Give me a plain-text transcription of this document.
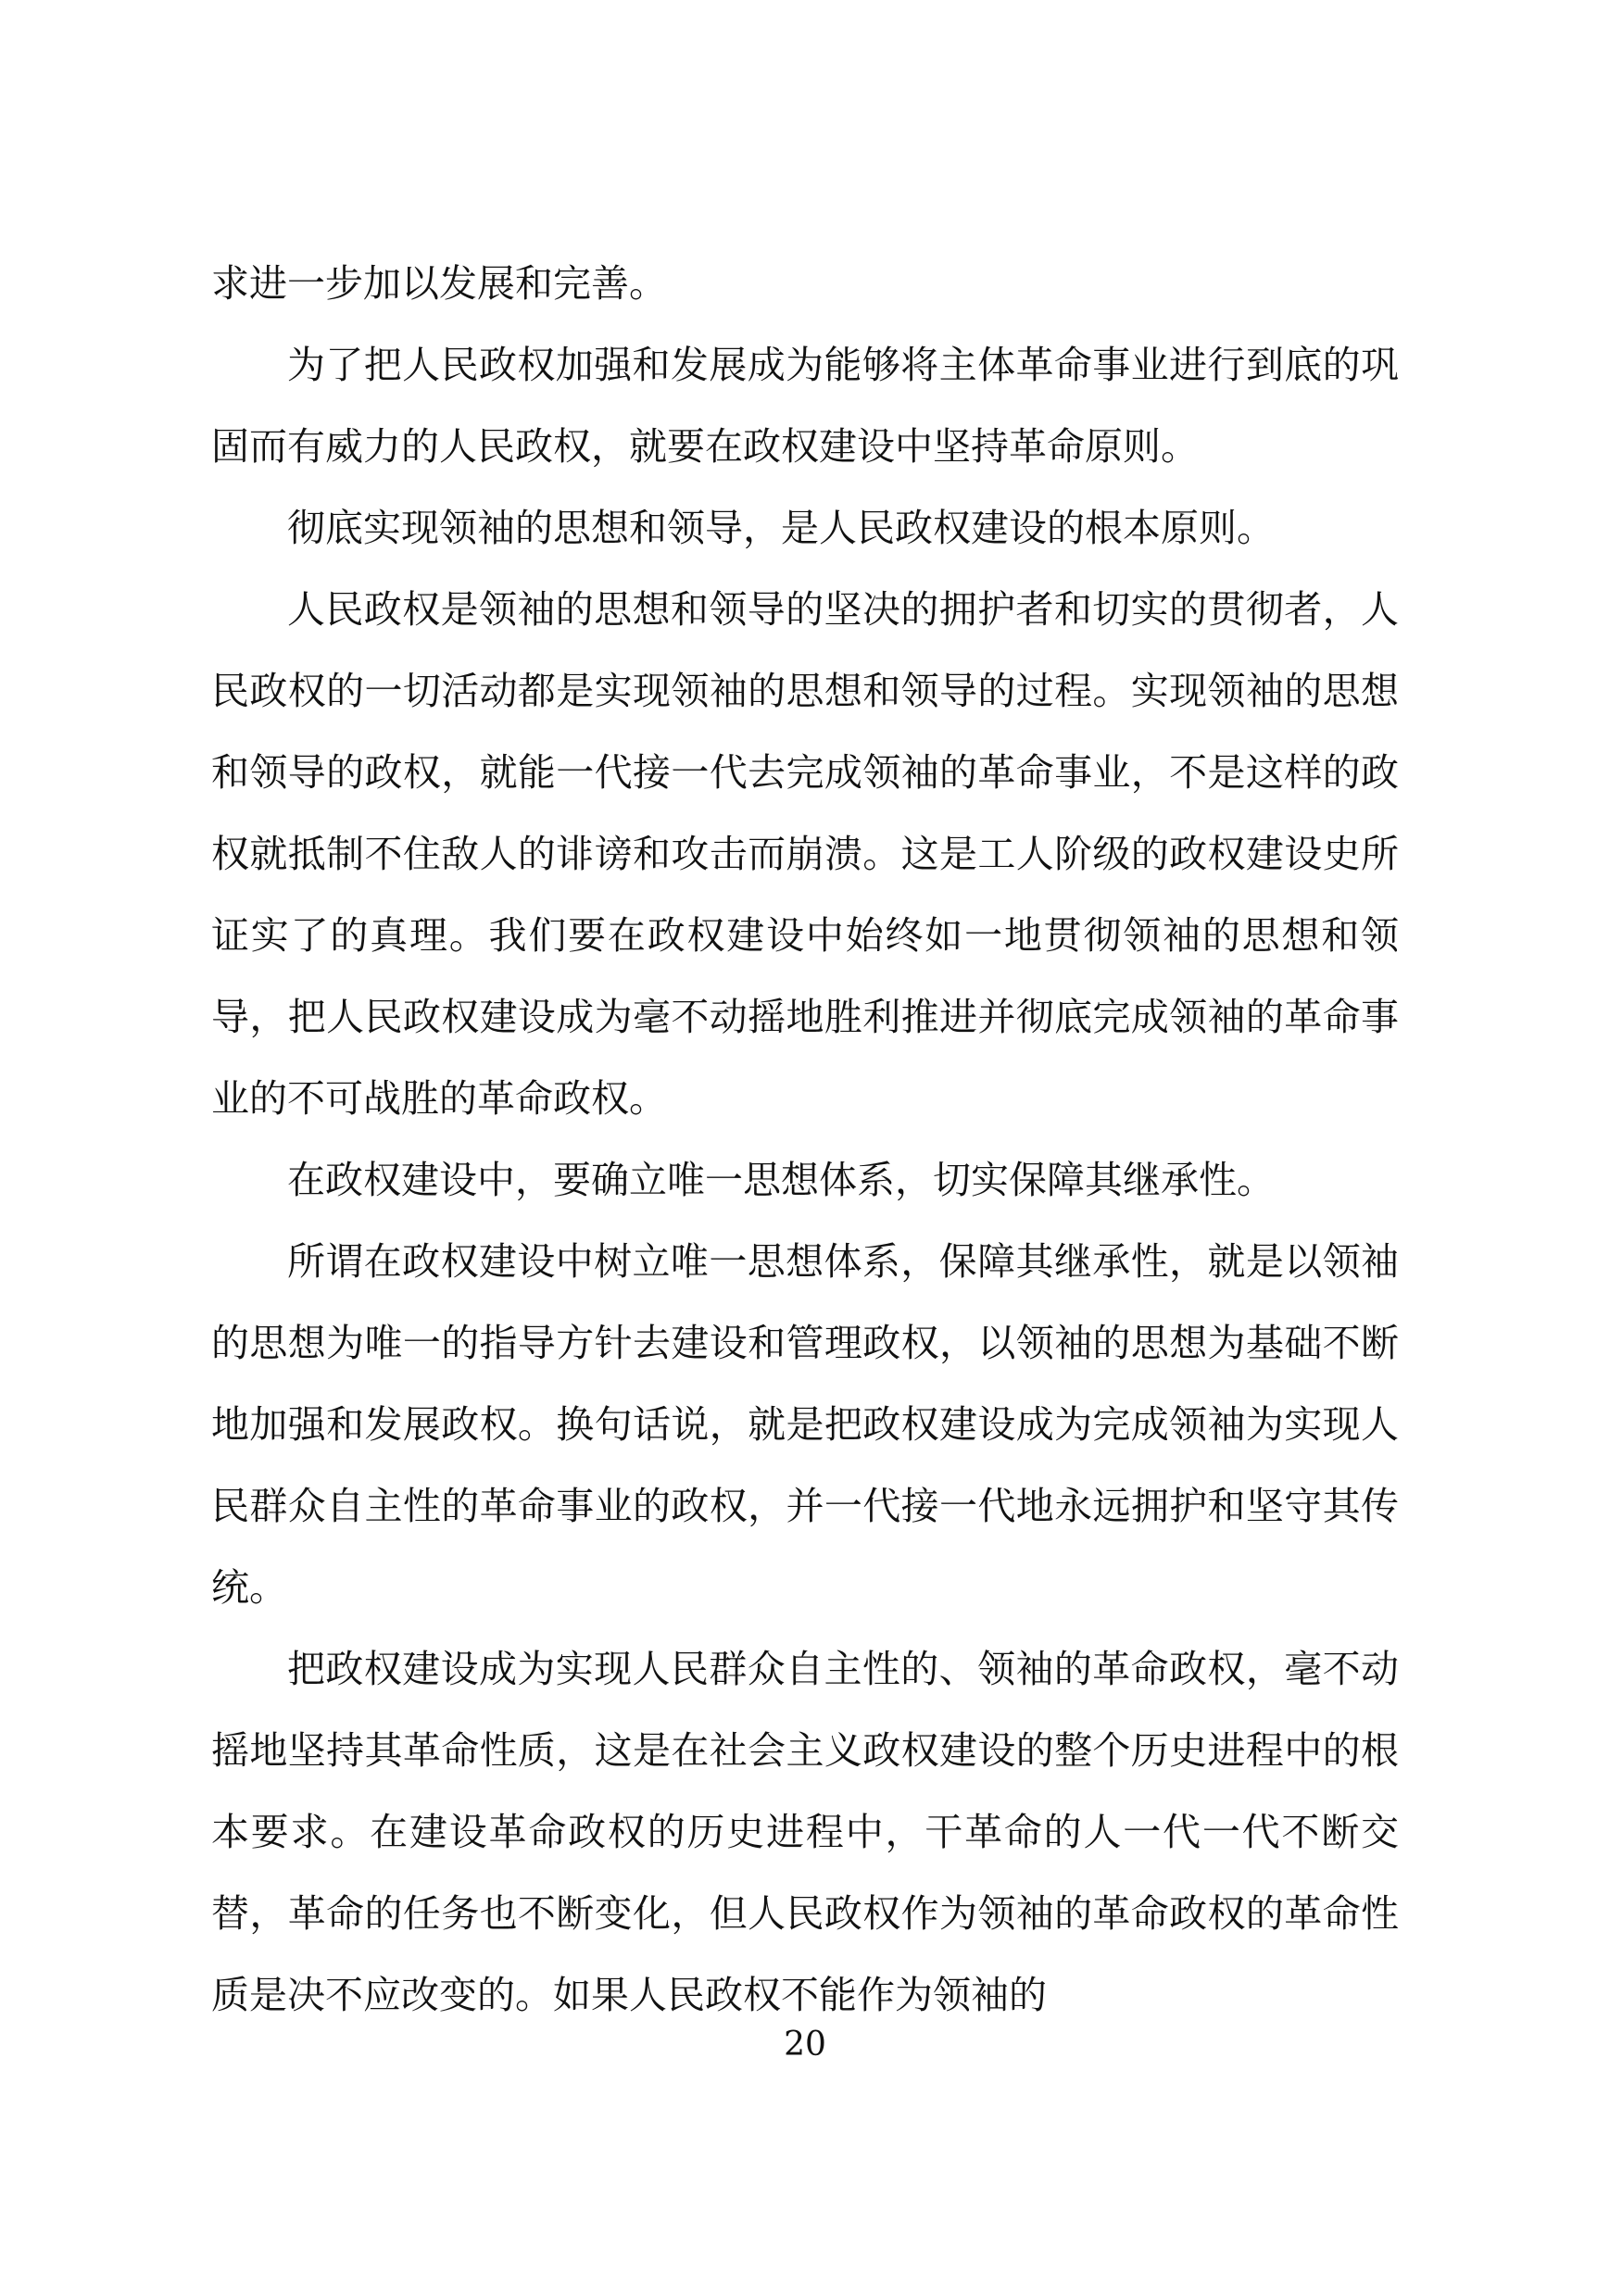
求进一步加以发展和完善。

为了把人民政权加强和发展成为能够将主体革命事业进行到底的巩固而有威力的人民政权，就要在政权建设中坚持革命原则。

彻底实现领袖的思想和领导，是人民政权建设的根本原则。

人民政权是领袖的思想和领导的坚决的拥护者和切实的贯彻者，人民政权的一切活动都是实现领袖的思想和领导的过程。实现领袖的思想和领导的政权，就能一代接一代去完成领袖的革命事业，不是这样的政权就抵制不住敌人的诽谤和攻击而崩溃。这是工人阶级的政权建设史所证实了的真理。我们要在政权建设中始终如一地贯彻领袖的思想和领导，把人民政权建设成为毫不动摇地胜利推进并彻底完成领袖的革命事业的不可战胜的革命政权。

在政权建设中，要确立唯一思想体系，切实保障其继承性。

所谓在政权建设中树立唯一思想体系，保障其继承性，就是以领袖的思想为唯一的指导方针去建设和管理政权，以领袖的思想为基础不断地加强和发展政权。换句话说，就是把政权建设成为完成领袖为实现人民群众自主性的革命事业的政权，并一代接一代地永远拥护和坚守其传统。

把政权建设成为实现人民群众自主性的、领袖的革命政权，毫不动摇地坚持其革命性质，这是在社会主义政权建设的整个历史进程中的根本要求。在建设革命政权的历史进程中，干革命的人一代一代不断交替，革命的任务也不断变化，但人民政权作为领袖的革命政权的革命性质是决不应改变的。如果人民政权不能作为领袖的

20
